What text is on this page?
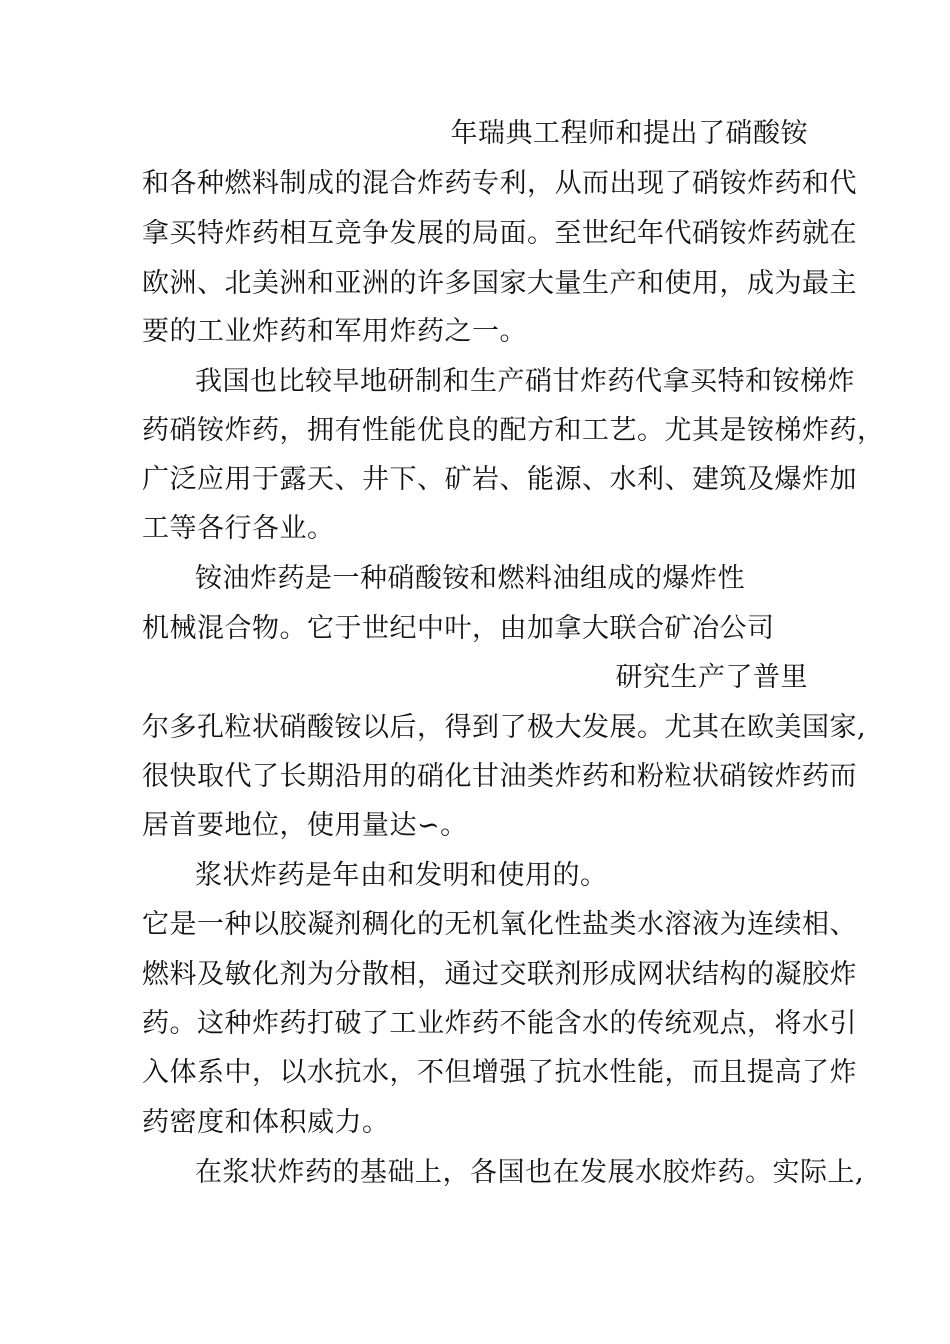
年瑞典工程师和提出了硝酸铵
和各种燃料制成的混合炸药专利，从而出现了硝铵炸药和代
拿买特炸药相互竞争发展的局面。至世纪年代硝铵炸药就在
欧洲、北美洲和亚洲的许多国家大量生产和使用，成为最主
要的工业炸药和军用炸药之一。
我国也比较早地研制和生产硝甘炸药代拿买特和铵梯炸
药硝铵炸药，拥有性能优良的配方和工艺。尤其是铵梯炸药，
广泛应用于露天、井下、矿岩、能源、水利、建筑及爆炸加
工等各行各业。
铵油炸药是一种硝酸铵和燃料油组成的爆炸性
机械混合物。它于世纪中叶，由加拿大联合矿冶公司
研究生产了普里
尔多孔粒状硝酸铵以后，得到了极大发展。尤其在欧美国家,
很快取代了长期沿用的硝化甘油类炸药和粉粒状硝铵炸药而
居首要地位，使用量达∽。
浆状炸药是年由和发明和使用的。
它是一种以胶凝剂稠化的无机氧化性盐类水溶液为连续相、
燃料及敏化剂为分散相，通过交联剂形成网状结构的凝胶炸
药。这种炸药打破了工业炸药不能含水的传统观点，将水引
入体系中，以水抗水，不但增强了抗水性能，而且提高了炸
药密度和体积威力。
在浆状炸药的基础上，各国也在发展水胶炸药。实际上,
